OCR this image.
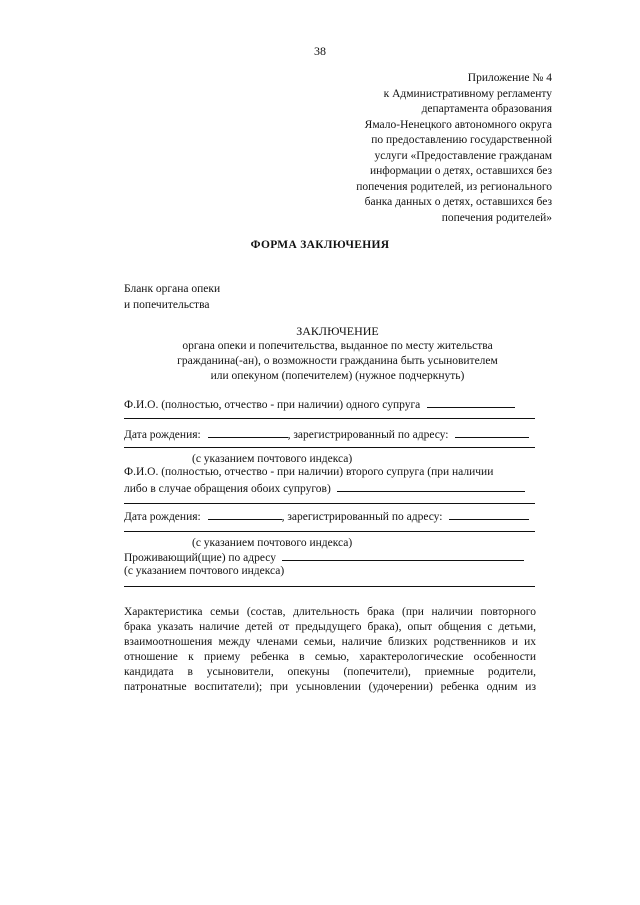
38
Приложение № 4
к Административному регламенту
департамента образования
Ямало-Ненецкого автономного округа
по предоставлению государственной
услуги «Предоставление гражданам
информации о детях, оставшихся без
попечения родителей, из регионального
банка данных о детях, оставшихся без
попечения родителей»
ФОРМА ЗАКЛЮЧЕНИЯ
Бланк органа опеки
и попечительства
ЗАКЛЮЧЕНИЕ
органа опеки и попечительства, выданное по месту жительства
гражданина(-ан), о возможности гражданина быть усыновителем
или опекуном (попечителем) (нужное подчеркнуть)
Ф.И.О. (полностью, отчество - при наличии) одного супруга
Дата рождения:	, зарегистрированный по адресу:
(с указанием почтового индекса)
Ф.И.О. (полностью, отчество - при наличии) второго супруга (при наличии
либо в случае обращения обоих супругов)
Дата рождения:	, зарегистрированный по адресу:
(с указанием почтового индекса)
Проживающий(щие) по адресу
(с указанием почтового индекса)
Характеристика семьи (состав, длительность брака (при наличии повторного
брака указать наличие детей от предыдущего брака), опыт общения с детьми,
взаимоотношения между членами семьи, наличие близких родственников и их
отношение к приему ребенка в семью, характерологические особенности
кандидата в усыновители, опекуны (попечители), приемные родители,
патронатные воспитатели); при усыновлении (удочерении) ребенка одним из
